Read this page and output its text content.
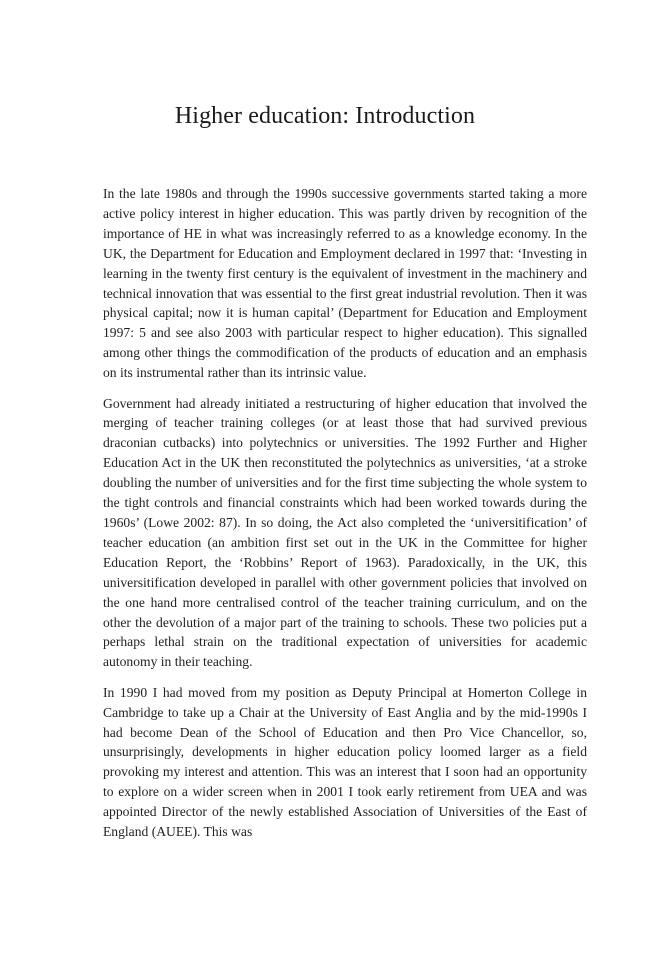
Higher education: Introduction

In the late 1980s and through the 1990s successive governments started taking a more active policy interest in higher education. This was partly driven by recognition of the importance of HE in what was increasingly referred to as a knowledge economy. In the UK, the Department for Education and Employment declared in 1997 that: ‘Investing in learning in the twenty first century is the equivalent of investment in the machinery and technical innovation that was essential to the first great industrial revolution. Then it was physical capital; now it is human capital’ (Department for Education and Employment 1997: 5 and see also 2003 with particular respect to higher education). This signalled among other things the commodification of the products of education and an emphasis on its instrumental rather than its intrinsic value.

Government had already initiated a restructuring of higher education that involved the merging of teacher training colleges (or at least those that had survived previous draconian cutbacks) into polytechnics or universities. The 1992 Further and Higher Education Act in the UK then reconstituted the polytechnics as universities, ‘at a stroke doubling the number of universities and for the first time subjecting the whole system to the tight controls and financial constraints which had been worked towards during the 1960s’ (Lowe 2002: 87). In so doing, the Act also completed the ‘universitification’ of teacher education (an ambition first set out in the UK in the Committee for higher Education Report, the ‘Robbins’ Report of 1963). Paradoxically, in the UK, this universitification developed in parallel with other government policies that involved on the one hand more centralised control of the teacher training curriculum, and on the other the devolution of a major part of the training to schools. These two policies put a perhaps lethal strain on the traditional expectation of universities for academic autonomy in their teaching.

In 1990 I had moved from my position as Deputy Principal at Homerton College in Cambridge to take up a Chair at the University of East Anglia and by the mid-1990s I had become Dean of the School of Education and then Pro Vice Chancellor, so, unsurprisingly, developments in higher education policy loomed larger as a field provoking my interest and attention. This was an interest that I soon had an opportunity to explore on a wider screen when in 2001 I took early retirement from UEA and was appointed Director of the newly established Association of Universities of the East of England (AUEE). This was
